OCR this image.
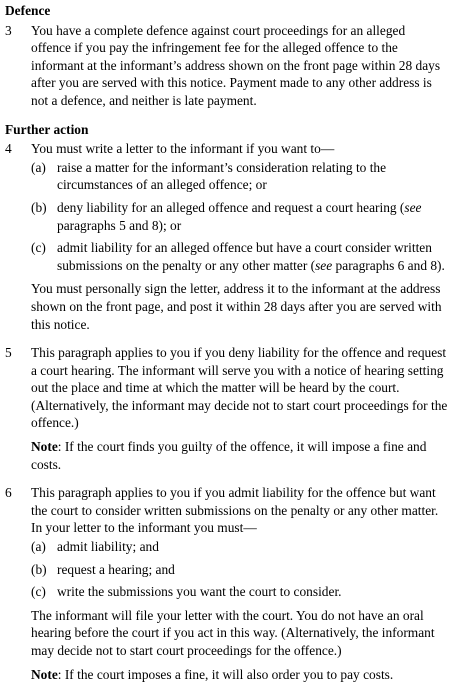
Defence
3	You have a complete defence against court proceedings for an alleged offence if you pay the infringement fee for the alleged offence to the informant at the informant’s address shown on the front page within 28 days after you are served with this notice. Payment made to any other address is not a defence, and neither is late payment.

Further action
4	You must write a letter to the informant if you want to—

(a) raise a matter for the informant’s consideration relating to the circumstances of an alleged offence; or
(b) deny liability for an alleged offence and request a court hearing (see paragraphs 5 and 8); or
(c) admit liability for an alleged offence but have a court consider written submissions on the penalty or any other matter (see paragraphs 6 and 8).

You must personally sign the letter, address it to the informant at the address shown on the front page, and post it within 28 days after you are served with this notice.

5	This paragraph applies to you if you deny liability for the offence and request a court hearing. The informant will serve you with a notice of hearing setting out the place and time at which the matter will be heard by the court. (Alternatively, the informant may decide not to start court proceedings for the offence.)

Note: If the court finds you guilty of the offence, it will impose a fine and costs.

6	This paragraph applies to you if you admit liability for the offence but want the court to consider written submissions on the penalty or any other matter. In your letter to the informant you must—

(a) admit liability; and
(b) request a hearing; and
(c) write the submissions you want the court to consider.

The informant will file your letter with the court. You do not have an oral hearing before the court if you act in this way. (Alternatively, the informant may decide not to start court proceedings for the offence.)

Note: If the court imposes a fine, it will also order you to pay costs.
